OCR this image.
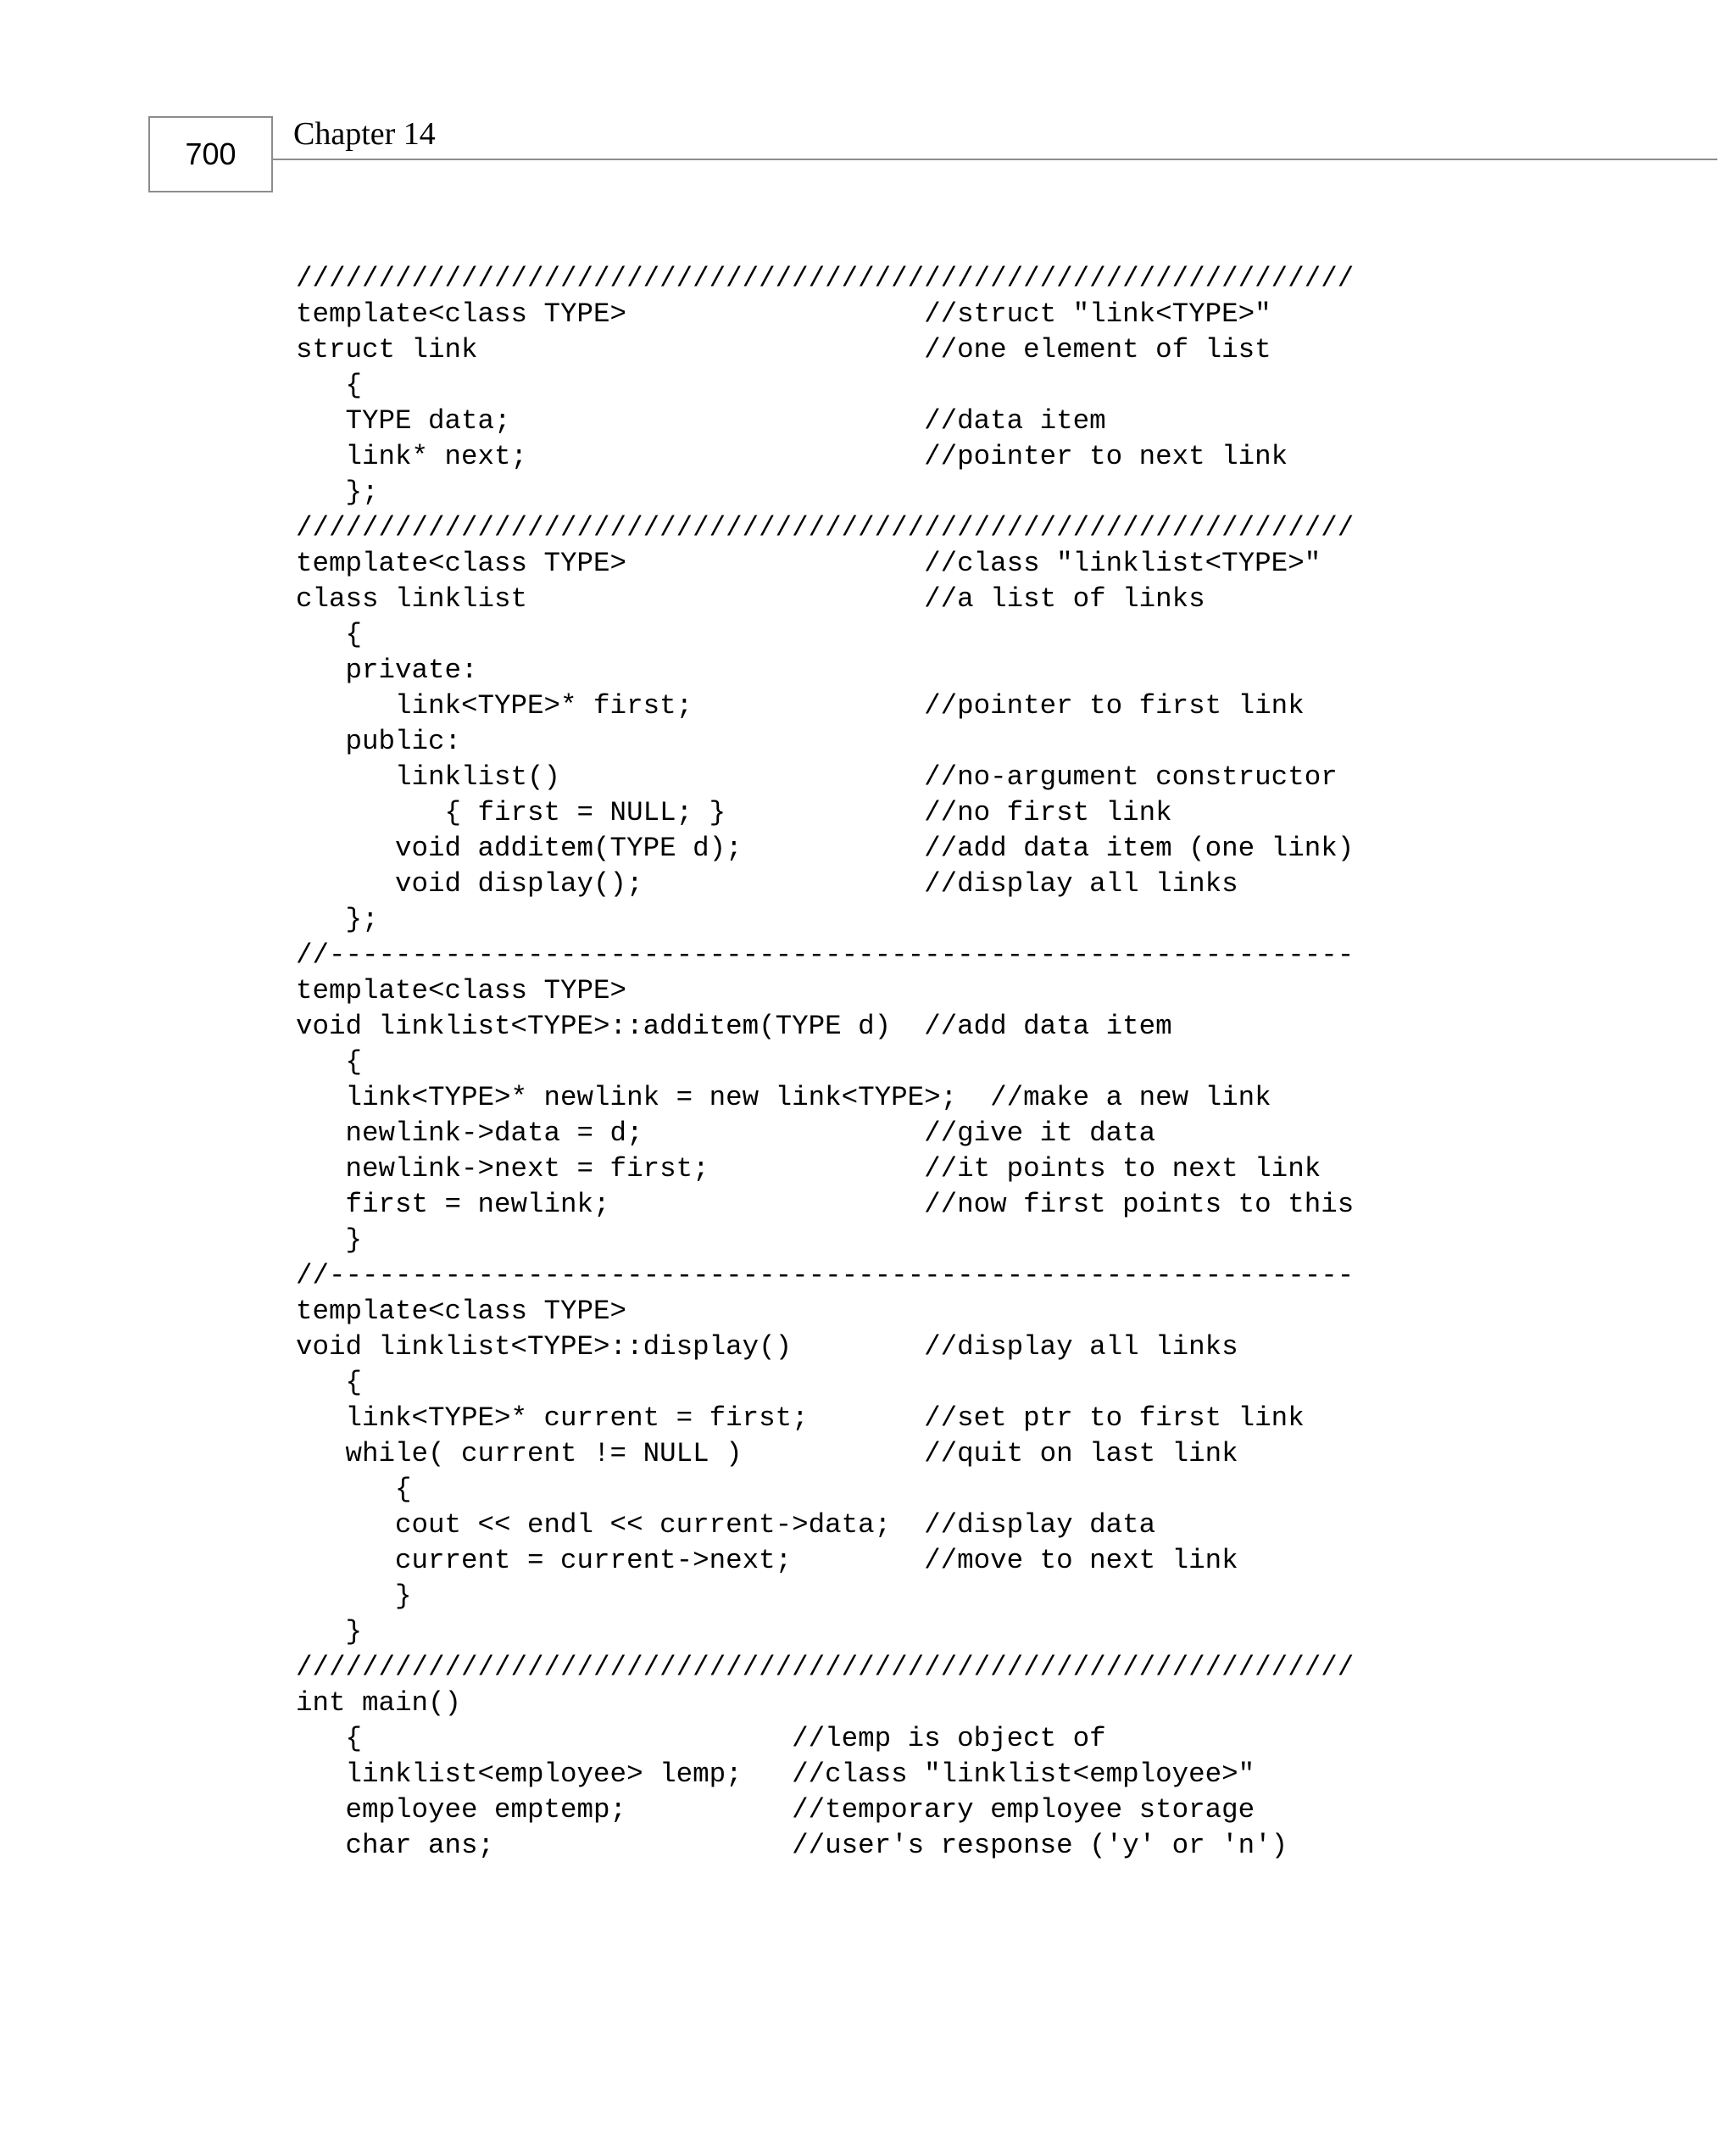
700
Chapter 14
////////////////////////////////////////////////////////////////
template<class TYPE>                  //struct "link<TYPE>"
struct link                           //one element of list
{
TYPE data;                         //data item
link* next;                        //pointer to next link
};
////////////////////////////////////////////////////////////////
template<class TYPE>                  //class "linklist<TYPE>"
class linklist                        //a list of links
{
private:
link<TYPE>* first;              //pointer to first link
public:
linklist()                      //no-argument constructor
{ first = NULL; }            //no first link
void additem(TYPE d);           //add data item (one link)
void display();                 //display all links
};
//--------------------------------------------------------------
template<class TYPE>
void linklist<TYPE>::additem(TYPE d)  //add data item
{
link<TYPE>* newlink = new link<TYPE>;  //make a new link
newlink->data = d;                 //give it data
newlink->next = first;             //it points to next link
first = newlink;                   //now first points to this
}
//--------------------------------------------------------------
template<class TYPE>
void linklist<TYPE>::display()        //display all links
{
link<TYPE>* current = first;       //set ptr to first link
while( current != NULL )           //quit on last link
{
cout << endl << current->data;  //display data
current = current->next;        //move to next link
}
}
////////////////////////////////////////////////////////////////
int main()
{                          //lemp is object of
linklist<employee> lemp;   //class "linklist<employee>"
employee emptemp;          //temporary employee storage
char ans;                  //user's response ('y' or 'n')
